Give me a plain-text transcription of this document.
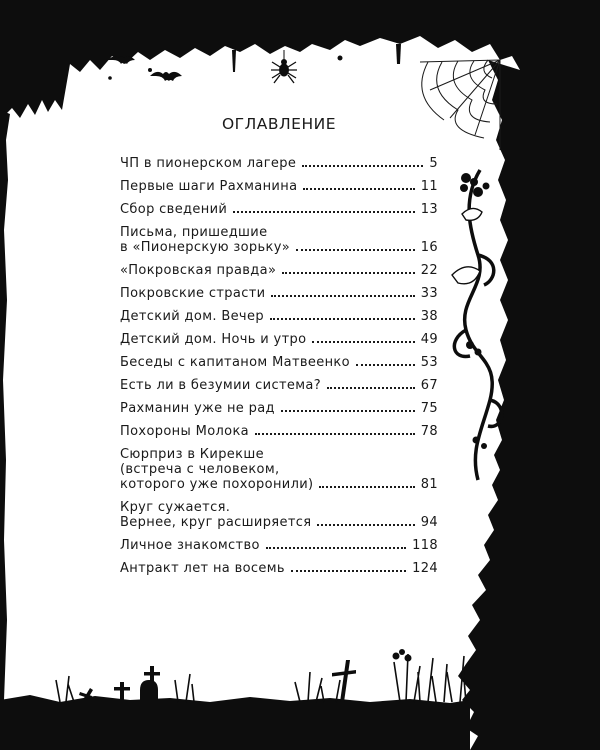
ОГЛАВЛЕНИЕ
ЧП в пионерском лагере	5
Первые шаги Рахманина	11
Сбор сведений	13
Письма, пришедшие
в «Пионерскую зорьку»	16
«Покровская правда»	22
Покровские страсти	33
Детский дом. Вечер	38
Детский дом. Ночь и утро	49
Беседы с капитаном Матвеенко	53
Есть ли в безумии система?	67
Рахманин уже не рад	75
Похороны Молока	78
Сюрприз в Кирекше
(встреча с человеком,
которого уже похоронили)	81
Круг сужается.
Вернее, круг расширяется	94
Личное знакомство	118
Антракт лет на восемь	124
